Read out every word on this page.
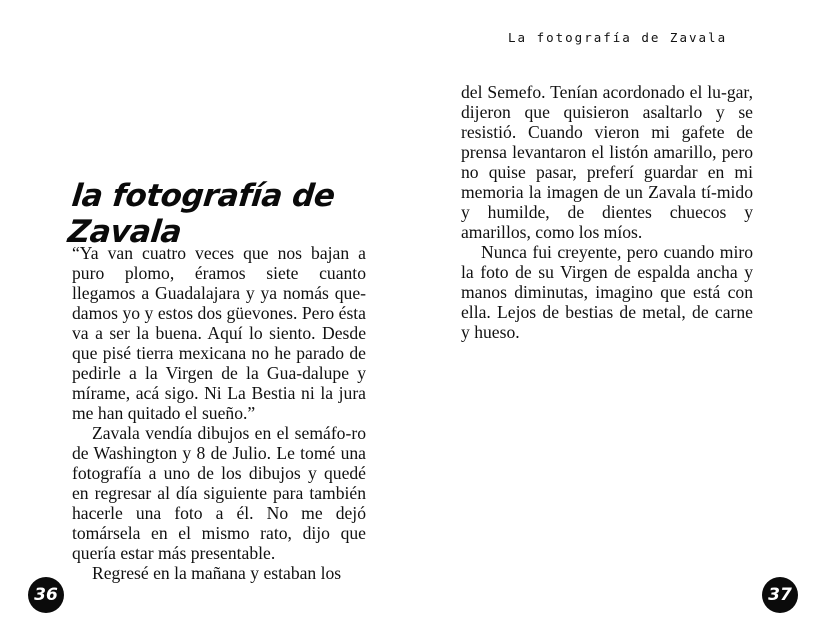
la fotografía de Zavala

“Ya van cuatro veces que nos bajan a puro plomo, éramos siete cuanto llegamos a Guadalajara y ya nomás que-damos yo y estos dos güevones. Pero ésta va a ser la buena. Aquí lo siento. Desde que pisé tierra mexicana no he parado de pedirle a la Virgen de la Gua-dalupe y mírame, acá sigo. Ni La Bestia ni la jura me han quitado el sueño.”

Zavala vendía dibujos en el semáfo-ro de Washington y 8 de Julio. Le tomé una fotografía a uno de los dibujos y quedé en regresar al día siguiente para también hacerle una foto a él. No me dejó tomársela en el mismo rato, dijo que quería estar más presentable.

Regresé en la mañana y estaban los

36
La fotografía de Zavala

del Semefo. Tenían acordonado el lu-gar, dijeron que quisieron asaltarlo y se resistió. Cuando vieron mi gafete de prensa levantaron el listón amarillo, pero no quise pasar, preferí guardar en mi memoria la imagen de un Zavala tí-mido y humilde, de dientes chuecos y amarillos, como los míos.

Nunca fui creyente, pero cuando miro la foto de su Virgen de espalda ancha y manos diminutas, imagino que está con ella. Lejos de bestias de metal, de carne y hueso.

37
